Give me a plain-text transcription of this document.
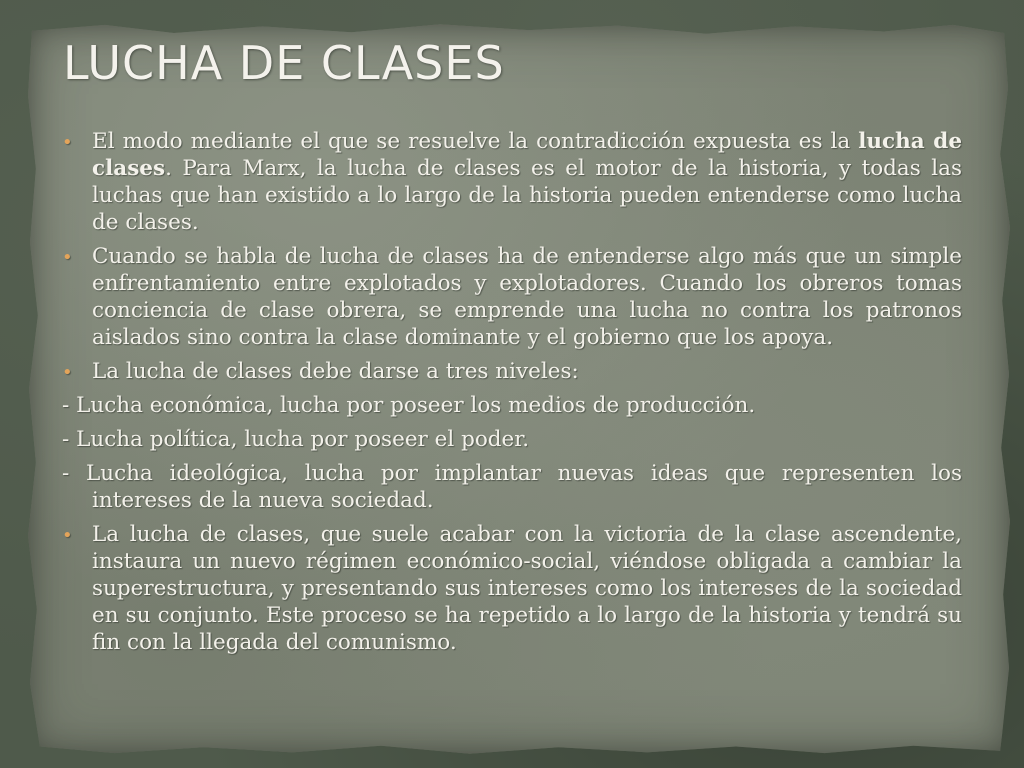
LUCHA DE CLASES

• El modo mediante el que se resuelve la contradicción expuesta es la lucha de clases. Para Marx, la lucha de clases es el motor de la historia, y todas las luchas que han existido a lo largo de la historia pueden entenderse como lucha de clases.

• Cuando se habla de lucha de clases ha de entenderse algo más que un simple enfrentamiento entre explotados y explotadores. Cuando los obreros tomas conciencia de clase obrera, se emprende una lucha no contra los patronos aislados sino contra la clase dominante y el gobierno que los apoya.

• La lucha de clases debe darse a tres niveles:

- Lucha económica, lucha por poseer los medios de producción.

- Lucha política, lucha por poseer el poder.

- Lucha ideológica, lucha por implantar nuevas ideas que representen los intereses de la nueva sociedad.

• La lucha de clases, que suele acabar con la victoria de la clase ascendente, instaura un nuevo régimen económico-social, viéndose obligada a cambiar la superestructura, y presentando sus intereses como los intereses de la sociedad en su conjunto. Este proceso se ha repetido a lo largo de la historia y tendrá su fin con la llegada del comunismo.
